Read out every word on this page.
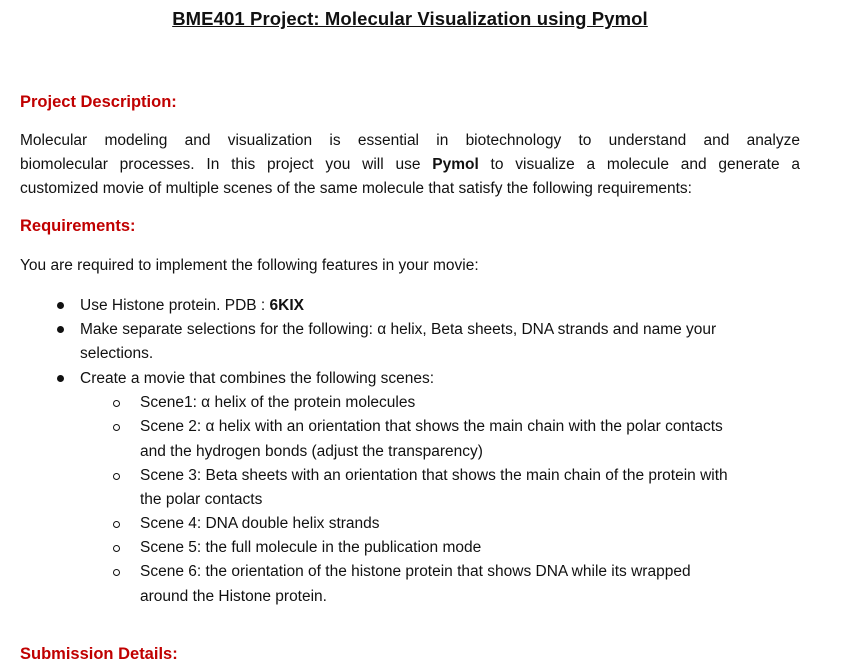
BME401 Project: Molecular Visualization using Pymol
Project Description:
Molecular modeling and visualization is essential in biotechnology to understand and analyze
biomolecular processes. In this project you will use Pymol to visualize a molecule and generate a
customized movie of multiple scenes of the same molecule that satisfy the following requirements:
Requirements:
You are required to implement the following features in your movie:
Use Histone protein. PDB : 6KIX
Make separate selections for the following: α helix, Beta sheets, DNA strands and name your
selections.
Create a movie that combines the following scenes:
Scene1: α helix of the protein molecules
Scene 2: α helix with an orientation that shows the main chain with the polar contacts
and the hydrogen bonds (adjust the transparency)
Scene 3: Beta sheets with an orientation that shows the main chain of the protein with
the polar contacts
Scene 4: DNA double helix strands
Scene 5: the full molecule in the publication mode
Scene 6: the orientation of the histone protein that shows DNA while its wrapped
around the Histone protein.
Submission Details:
